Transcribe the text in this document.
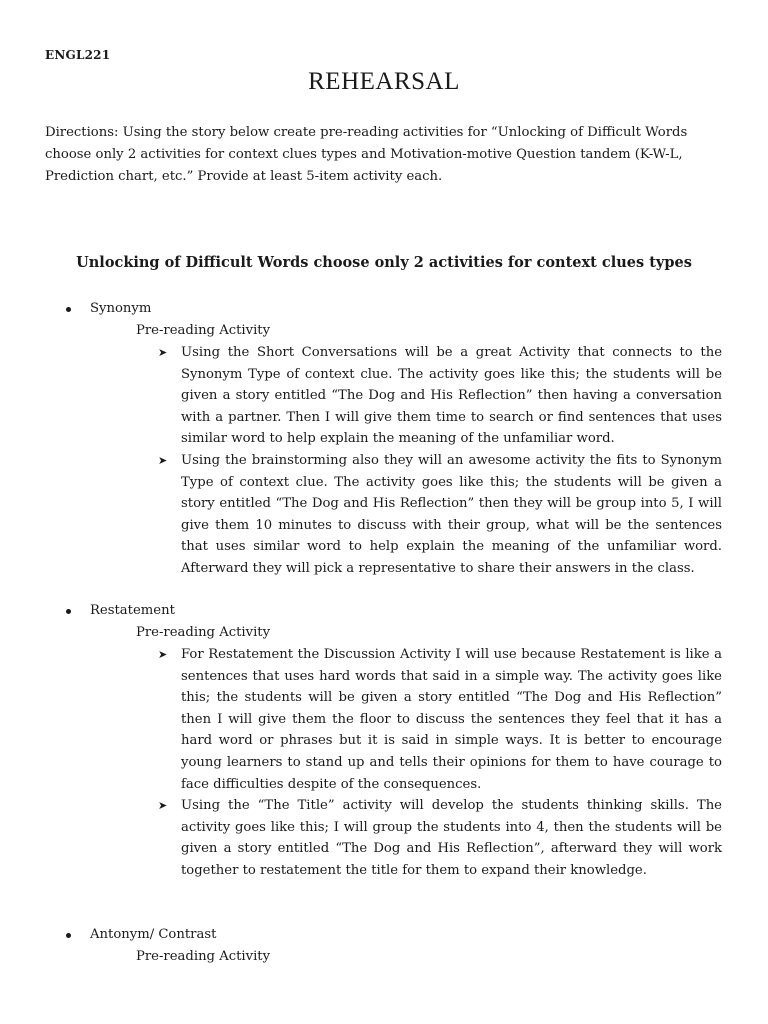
ENGL221
REHEARSAL
Directions: Using the story below create pre-reading activities for “Unlocking of Difficult Words choose only 2 activities for context clues types and Motivation-motive Question tandem (K-W-L, Prediction chart, etc.” Provide at least 5-item activity each.
Unlocking of Difficult Words choose only 2 activities for context clues types
Synonym
Pre-reading Activity
➤ Using the Short Conversations will be a great Activity that connects to the Synonym Type of context clue. The activity goes like this; the students will be given a story entitled “The Dog and His Reflection” then having a conversation with a partner. Then I will give them time to search or find sentences that uses similar word to help explain the meaning of the unfamiliar word.
➤ Using the brainstorming also they will an awesome activity the fits to Synonym Type of context clue. The activity goes like this; the students will be given a story entitled “The Dog and His Reflection” then they will be group into 5, I will give them 10 minutes to discuss with their group, what will be the sentences that uses similar word to help explain the meaning of the unfamiliar word. Afterward they will pick a representative to share their answers in the class.
Restatement
Pre-reading Activity
➤ For Restatement the Discussion Activity I will use because Restatement is like a sentences that uses hard words that said in a simple way. The activity goes like this; the students will be given a story entitled “The Dog and His Reflection” then I will give them the floor to discuss the sentences they feel that it has a hard word or phrases but it is said in simple ways. It is better to encourage young learners to stand up and tells their opinions for them to have courage to face difficulties despite of the consequences.
➤ Using the “The Title” activity will develop the students thinking skills. The activity goes like this; I will group the students into 4, then the students will be given a story entitled “The Dog and His Reflection”, afterward they will work together to restatement the title for them to expand their knowledge.
Antonym/ Contrast
Pre-reading Activity
